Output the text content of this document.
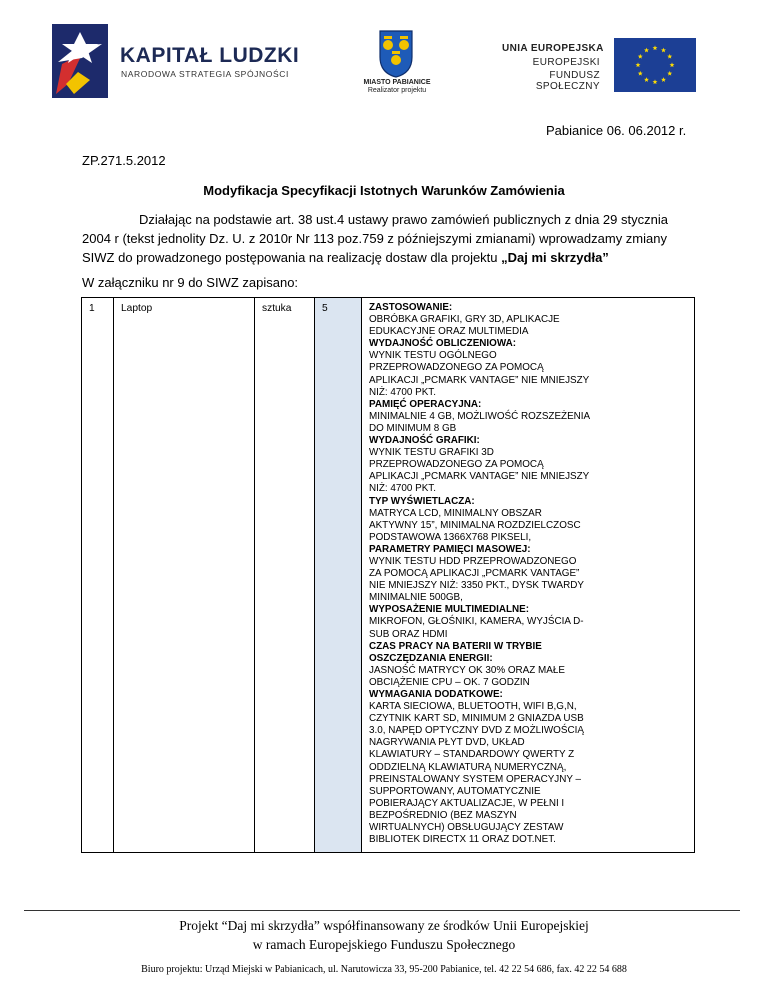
KAPITAŁ LUDZKI
NARODOWA STRATEGIA SPÓJNOŚCI
MIASTO PABIANICE
Realizator projektu
UNIA EUROPEJSKA
EUROPEJSKI
FUNDUSZ SPOŁECZNY
Pabianice 06. 06.2012 r.
ZP.271.5.2012
Modyfikacja Specyfikacji Istotnych Warunków Zamówienia
Działając na podstawie art. 38 ust.4 ustawy prawo zamówień publicznych z dnia 29 stycznia
2004 r (tekst jednolity Dz. U. z 2010r Nr 113 poz.759 z późniejszymi zmianami) wprowadzamy zmiany
SIWZ do prowadzonego postępowania na realizację dostaw dla projektu „Daj mi skrzydła”
W załączniku nr 9 do SIWZ zapisano:
1	Laptop	sztuka	5	ZASTOSOWANIE:
OBRÓBKA GRAFIKI, GRY 3D, APLIKACJE
EDUKACYJNE ORAZ MULTIMEDIA
WYDAJNOŚĆ OBLICZENIOWA:
WYNIK TESTU OGÓLNEGO
PRZEPROWADZONEGO ZA POMOCĄ
APLIKACJI „PCMARK VANTAGE” NIE MNIEJSZY
NIŻ: 4700 PKT.
PAMIĘĆ OPERACYJNA:
MINIMALNIE 4 GB, MOŻLIWOŚĆ ROZSZEŻENIA
DO MINIMUM 8 GB
WYDAJNOŚĆ GRAFIKI:
WYNIK TESTU GRAFIKI 3D
PRZEPROWADZONEGO ZA POMOCĄ
APLIKACJI „PCMARK VANTAGE” NIE MNIEJSZY
NIŻ: 4700 PKT.
TYP WYŚWIETLACZA:
MATRYCA LCD, MINIMALNY OBSZAR
AKTYWNY 15”, MINIMALNA ROZDZIELCZOSC
PODSTAWOWA 1366X768 PIKSELI,
PARAMETRY PAMIĘCI MASOWEJ:
WYNIK TESTU HDD PRZEPROWADZONEGO
ZA POMOCĄ APLIKACJI „PCMARK VANTAGE”
NIE MNIEJSZY NIŻ: 3350 PKT., DYSK TWARDY
MINIMALNIE 500GB,
WYPOSAŻENIE MULTIMEDIALNE:
MIKROFON, GŁOŚNIKI, KAMERA, WYJŚCIA D-
SUB ORAZ HDMI
CZAS PRACY NA BATERII W TRYBIE
OSZCZĘDZANIA ENERGII:
JASNOŚĆ MATRYCY OK 30% ORAZ MAŁE
OBCIĄŻENIE CPU – OK. 7 GODZIN
WYMAGANIA DODATKOWE:
KARTA SIECIOWA, BLUETOOTH, WIFI B,G,N,
CZYTNIK KART SD, MINIMUM 2 GNIAZDA USB
3.0, NAPĘD OPTYCZNY DVD Z MOŻLIWOŚCIĄ
NAGRYWANIA PŁYT DVD, UKŁAD
KLAWIATURY – STANDARDOWY QWERTY Z
ODDZIELNĄ KLAWIATURĄ NUMERYCZNĄ,
PREINSTALOWANY SYSTEM OPERACYJNY –
SUPPORTOWANY, AUTOMATYCZNIE
POBIERAJĄCY AKTUALIZACJE, W PEŁNI I
BEZPOŚREDNIO (BEZ MASZYN
WIRTUALNYCH) OBSŁUGUJĄCY ZESTAW
BIBLIOTEK DIRECTX 11 ORAZ DOT.NET.
Projekt “Daj mi skrzydła” współfinansowany ze środków Unii Europejskiej
w ramach Europejskiego Funduszu Społecznego
Biuro projektu: Urząd Miejski w Pabianicach, ul. Narutowicza 33, 95-200 Pabianice, tel. 42 22 54 686, fax. 42 22 54 688
